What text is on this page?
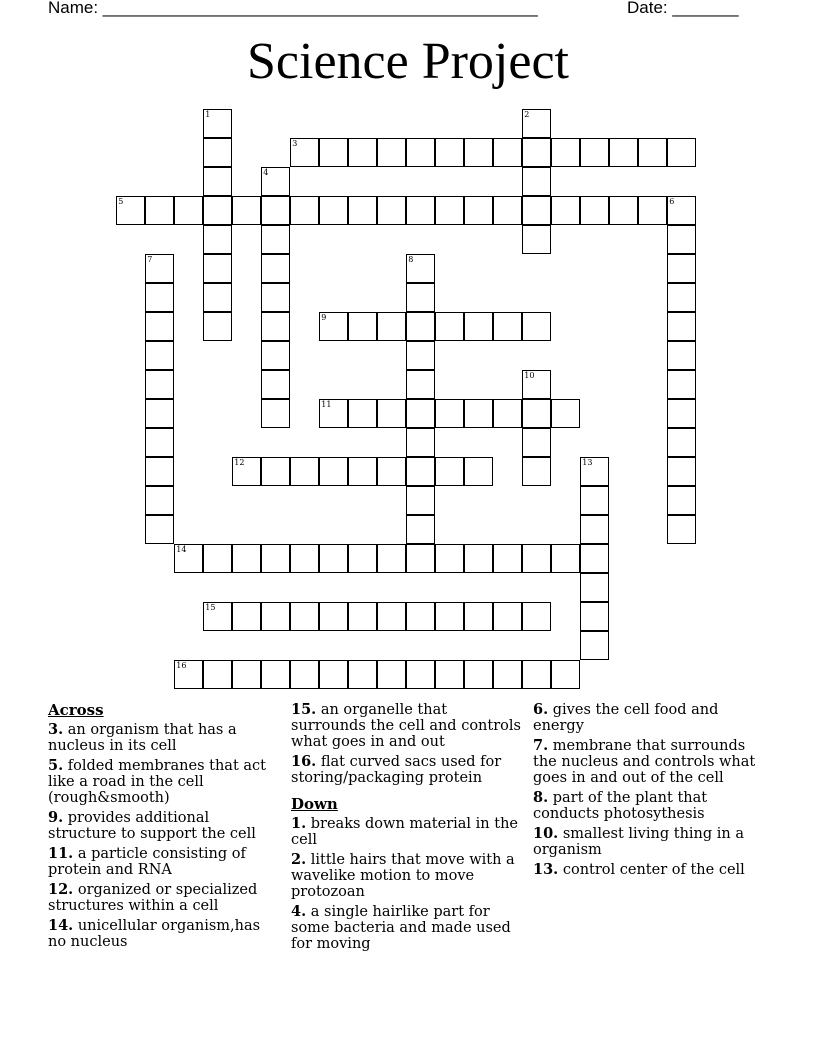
Name: ______________________________________________	Date: _______
Science Project
1	2
3
4
5	6
7	8
9
10
11
12	13
14
15
16
Across
3. an organism that has a nucleus in its cell
5. folded membranes that act like a road in the cell (rough&smooth)
9. provides additional structure to support the cell
11. a particle consisting of protein and RNA
12. organized or specialized structures within a cell
14. unicellular organism,has no nucleus
15. an organelle that surrounds the cell and controls what goes in and out
16. flat curved sacs used for storing/packaging protein
Down
1. breaks down material in the cell
2. little hairs that move with a wavelike motion to move protozoan
4. a single hairlike part for some bacteria and made used for moving
6. gives the cell food and energy
7. membrane that surrounds the nucleus and controls what goes in and out of the cell
8. part of the plant that conducts photosythesis
10. smallest living thing in a organism
13. control center of the cell
